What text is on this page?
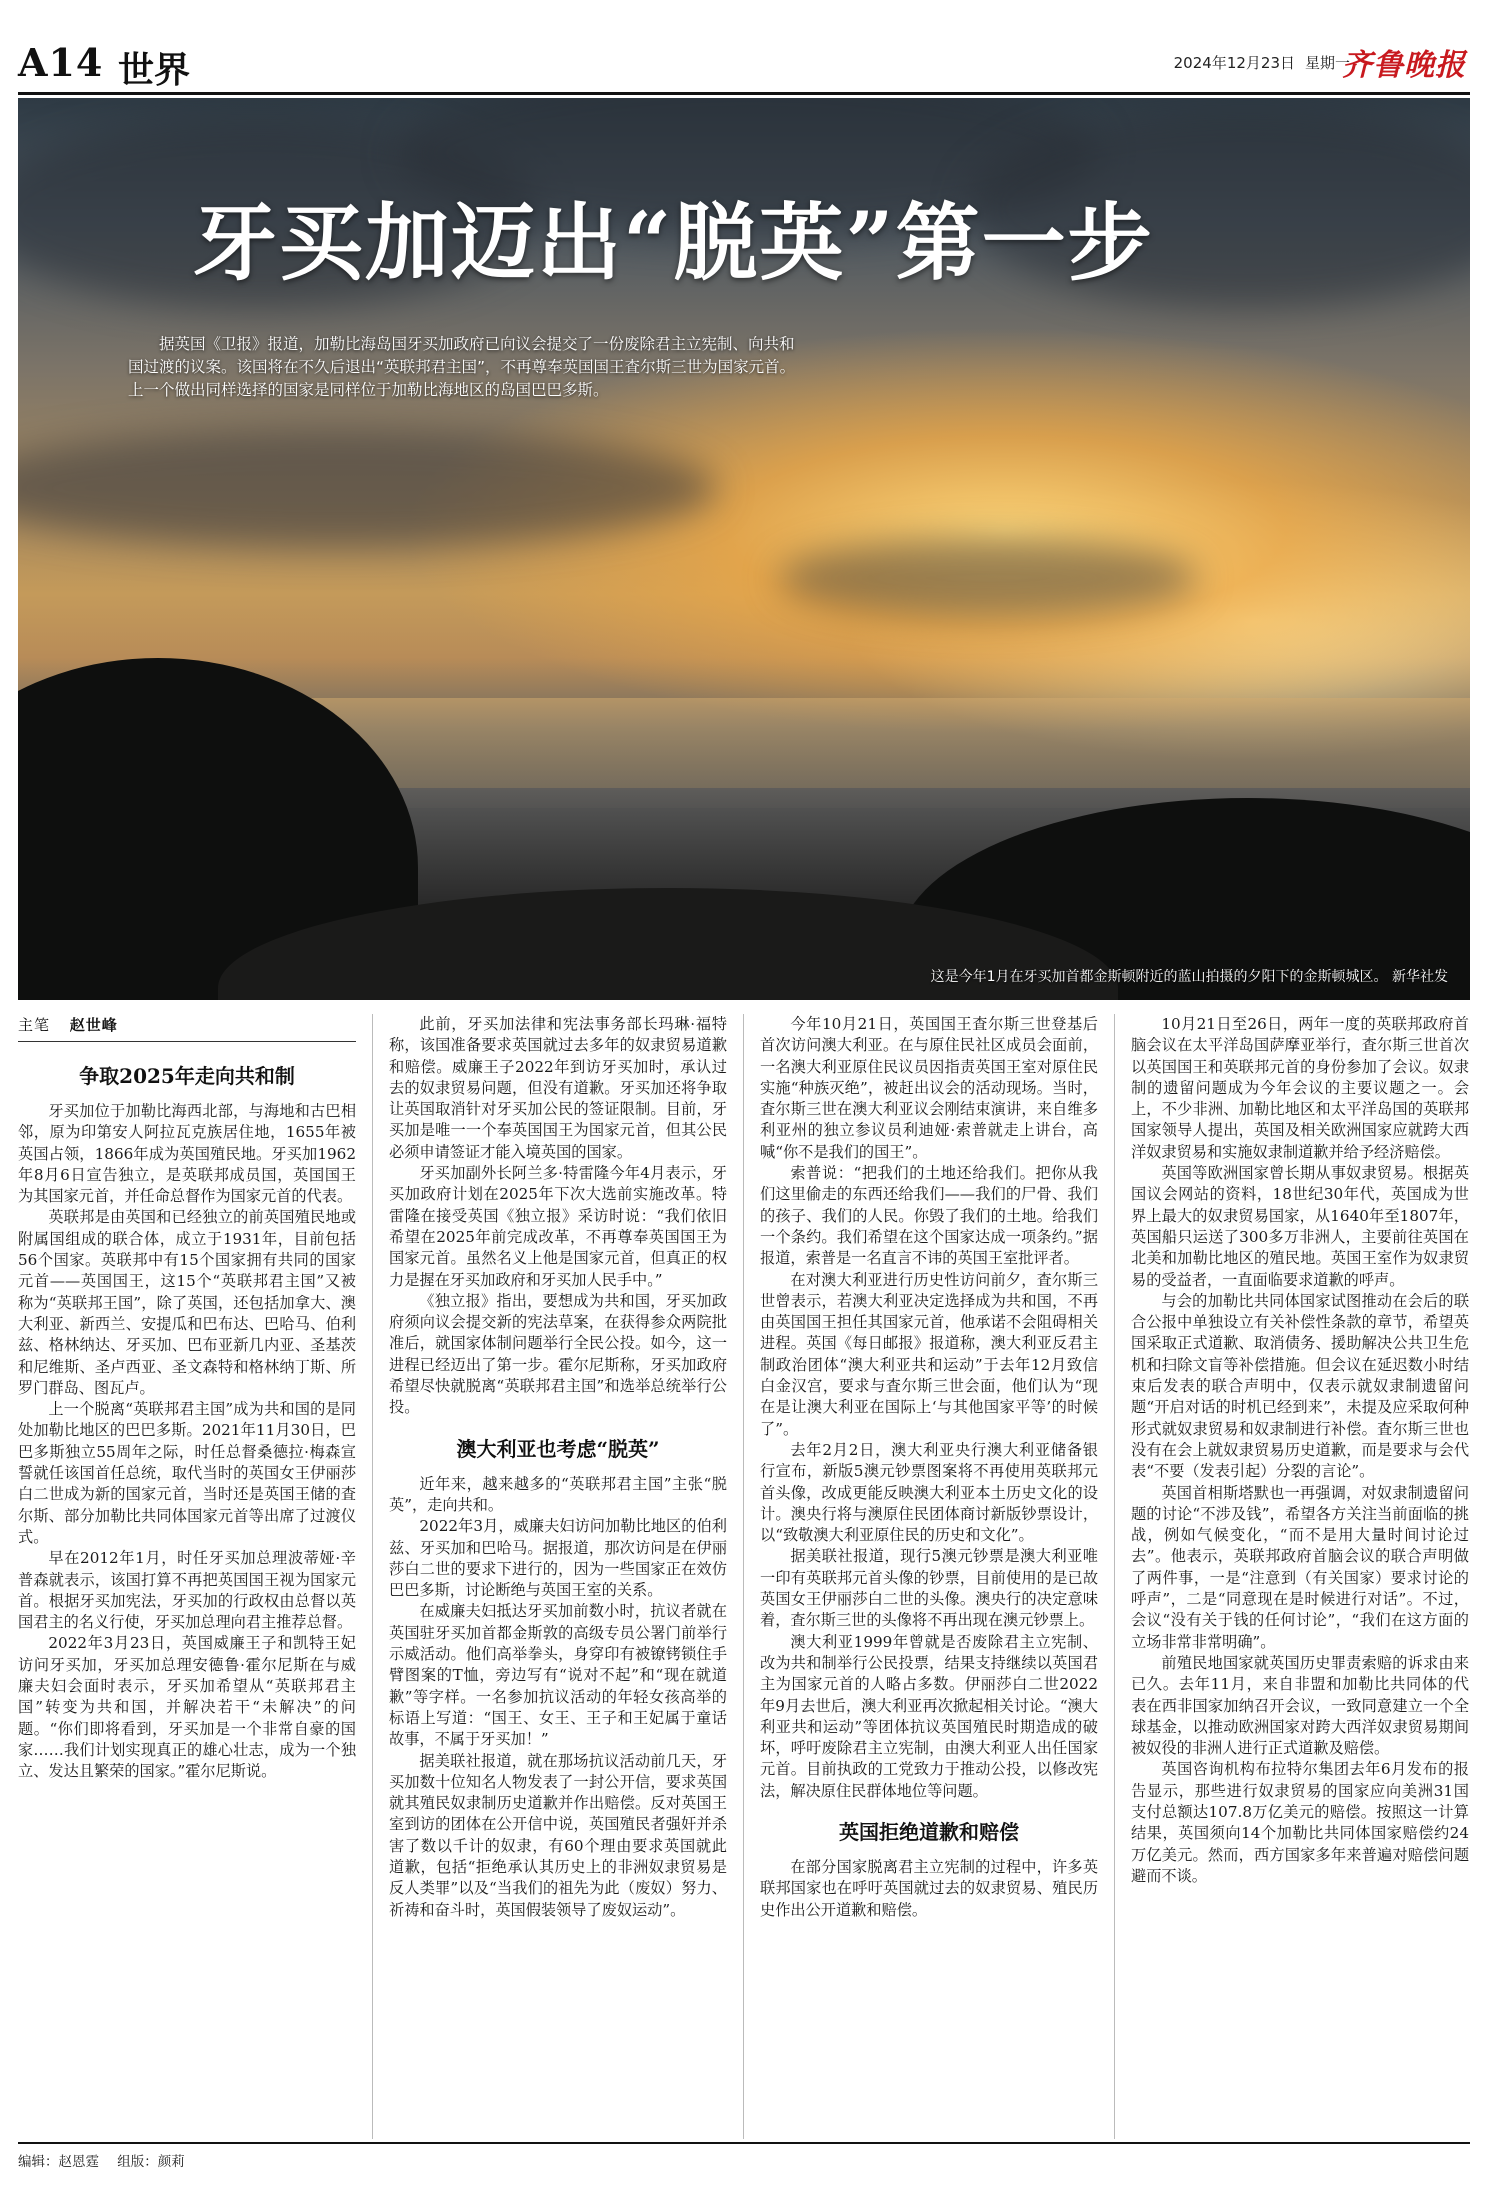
A14 世界	2024年12月23日 星期一
齐鲁晚报
牙买加迈出“脱英”第一步
据英国《卫报》报道，加勒比海岛国牙买加政府已向议会提交了一份废除君主立宪制、向共和国过渡的议案。该国将在不久后退出“英联邦君主国”，不再尊奉英国国王査尔斯三世为国家元首。上一个做出同样选择的国家是同样位于加勒比海地区的岛国巴巴多斯。
这是今年1月在牙买加首都金斯顿附近的蓝山拍摄的夕阳下的金斯顿城区。 新华社发
主笔 赵世峰
争取2025年走向共和制

牙买加位于加勒比海西北部，与海地和古巴相邻，原为印第安人阿拉瓦克族居住地，1655年被英国占领，1866年成为英国殖民地。牙买加1962年8月6日宣告独立，是英联邦成员国，英国国王为其国家元首，并任命总督作为国家元首的代表。

英联邦是由英国和已经独立的前英国殖民地或附属国组成的联合体，成立于1931年，目前包括56个国家。英联邦中有15个国家拥有共同的国家元首——英国国王，这15个“英联邦君主国”又被称为“英联邦王国”，除了英国，还包括加拿大、澳大利亚、新西兰、安提瓜和巴布达、巴哈马、伯利兹、格林纳达、牙买加、巴布亚新几内亚、圣基茨和尼维斯、圣卢西亚、圣文森特和格林纳丁斯、所罗门群岛、图瓦卢。

上一个脱离“英联邦君主国”成为共和国的是同处加勒比地区的巴巴多斯。2021年11月30日，巴巴多斯独立55周年之际，时任总督桑德拉·梅森宣誓就任该国首任总统，取代当时的英国女王伊丽莎白二世成为新的国家元首，当时还是英国王储的査尔斯、部分加勒比共同体国家元首等出席了过渡仪式。

早在2012年1月，时任牙买加总理波蒂娅·辛普森就表示，该国打算不再把英国国王视为国家元首。根据牙买加宪法，牙买加的行政权由总督以英国君主的名义行使，牙买加总理向君主推荐总督。

2022年3月23日，英国威廉王子和凯特王妃访问牙买加，牙买加总理安德鲁·霍尔尼斯在与威廉夫妇会面时表示，牙买加希望从“英联邦君主国”转变为共和国，并解决若干“未解决”的问题。“你们即将看到，牙买加是一个非常自豪的国家……我们计划实现真正的雄心壮志，成为一个独立、发达且繁荣的国家。”霍尔尼斯说。

此前，牙买加法律和宪法事务部长玛琳·福特称，该国准备要求英国就过去多年的奴隶贸易道歉和赔偿。威廉王子2022年到访牙买加时，承认过去的奴隶贸易问题，但没有道歉。牙买加还将争取让英国取消针对牙买加公民的签证限制。目前，牙买加是唯一一个奉英国国王为国家元首，但其公民必须申请签证才能入境英国的国家。

牙买加副外长阿兰多·特雷隆今年4月表示，牙买加政府计划在2025年下次大选前实施改革。特雷隆在接受英国《独立报》采访时说：“我们依旧希望在2025年前完成改革，不再尊奉英国国王为国家元首。虽然名义上他是国家元首，但真正的权力是握在牙买加政府和牙买加人民手中。”

《独立报》指出，要想成为共和国，牙买加政府须向议会提交新的宪法草案，在获得参众两院批准后，就国家体制问题举行全民公投。如今，这一进程已经迈出了第一步。霍尔尼斯称，牙买加政府希望尽快就脱离“英联邦君主国”和选举总统举行公投。

澳大利亚也考虑“脱英”

近年来，越来越多的“英联邦君主国”主张“脱英”，走向共和。

2022年3月，威廉夫妇访问加勒比地区的伯利兹、牙买加和巴哈马。据报道，那次访问是在伊丽莎白二世的要求下进行的，因为一些国家正在效仿巴巴多斯，讨论断绝与英国王室的关系。

在威廉夫妇抵达牙买加前数小时，抗议者就在英国驻牙买加首都金斯敦的高级专员公署门前举行示威活动。他们高举拳头，身穿印有被镣铐锁住手臂图案的T恤，旁边写有“说对不起”和“现在就道歉”等字样。一名参加抗议活动的年轻女孩高举的标语上写道：“国王、女王、王子和王妃属于童话故事，不属于牙买加！”

据美联社报道，就在那场抗议活动前几天，牙买加数十位知名人物发表了一封公开信，要求英国就其殖民奴隶制历史道歉并作出赔偿。反对英国王室到访的团体在公开信中说，英国殖民者强奸并杀害了数以千计的奴隶，有60个理由要求英国就此道歉，包括“拒绝承认其历史上的非洲奴隶贸易是反人类罪”以及“当我们的祖先为此（废奴）努力、祈祷和奋斗时，英国假装领导了废奴运动”。

今年10月21日，英国国王査尔斯三世登基后首次访问澳大利亚。在与原住民社区成员会面前，一名澳大利亚原住民议员因指责英国王室对原住民实施“种族灭绝”，被赶出议会的活动现场。当时，査尔斯三世在澳大利亚议会刚结束演讲，来自维多利亚州的独立参议员利迪娅·索普就走上讲台，高喊“你不是我们的国王”。

索普说：“把我们的土地还给我们。把你从我们这里偷走的东西还给我们——我们的尸骨、我们的孩子、我们的人民。你毁了我们的土地。给我们一个条约。我们希望在这个国家达成一项条约。”据报道，索普是一名直言不讳的英国王室批评者。

在对澳大利亚进行历史性访问前夕，査尔斯三世曾表示，若澳大利亚决定选择成为共和国，不再由英国国王担任其国家元首，他承诺不会阻碍相关进程。英国《每日邮报》报道称，澳大利亚反君主制政治团体“澳大利亚共和运动”于去年12月致信白金汉宫，要求与査尔斯三世会面，他们认为“现在是让澳大利亚在国际上‘与其他国家平等’的时候了”。

去年2月2日，澳大利亚央行澳大利亚储备银行宣布，新版5澳元钞票图案将不再使用英联邦元首头像，改成更能反映澳大利亚本土历史文化的设计。澳央行将与澳原住民团体商讨新版钞票设计，以“致敬澳大利亚原住民的历史和文化”。

据美联社报道，现行5澳元钞票是澳大利亚唯一印有英联邦元首头像的钞票，目前使用的是已故英国女王伊丽莎白二世的头像。澳央行的决定意味着，査尔斯三世的头像将不再出现在澳元钞票上。

澳大利亚1999年曾就是否废除君主立宪制、改为共和制举行公民投票，结果支持继续以英国君主为国家元首的人略占多数。伊丽莎白二世2022年9月去世后，澳大利亚再次掀起相关讨论。“澳大利亚共和运动”等团体抗议英国殖民时期造成的破坏，呼吁废除君主立宪制，由澳大利亚人出任国家元首。目前执政的工党致力于推动公投，以修改宪法，解决原住民群体地位等问题。

英国拒绝道歉和赔偿

在部分国家脱离君主立宪制的过程中，许多英联邦国家也在呼吁英国就过去的奴隶贸易、殖民历史作出公开道歉和赔偿。

10月21日至26日，两年一度的英联邦政府首脑会议在太平洋岛国萨摩亚举行，査尔斯三世首次以英国国王和英联邦元首的身份参加了会议。奴隶制的遗留问题成为今年会议的主要议题之一。会上，不少非洲、加勒比地区和太平洋岛国的英联邦国家领导人提出，英国及相关欧洲国家应就跨大西洋奴隶贸易和实施奴隶制道歉并给予经济赔偿。

英国等欧洲国家曾长期从事奴隶贸易。根据英国议会网站的资料，18世纪30年代，英国成为世界上最大的奴隶贸易国家，从1640年至1807年，英国船只运送了300多万非洲人，主要前往英国在北美和加勒比地区的殖民地。英国王室作为奴隶贸易的受益者，一直面临要求道歉的呼声。

与会的加勒比共同体国家试图推动在会后的联合公报中单独设立有关补偿性条款的章节，希望英国采取正式道歉、取消债务、援助解决公共卫生危机和扫除文盲等补偿措施。但会议在延迟数小时结束后发表的联合声明中，仅表示就奴隶制遗留问题“开启对话的时机已经到来”，未提及应采取何种形式就奴隶贸易和奴隶制进行补偿。査尔斯三世也没有在会上就奴隶贸易历史道歉，而是要求与会代表“不要（发表引起）分裂的言论”。

英国首相斯塔默也一再强调，对奴隶制遗留问题的讨论“不涉及钱”，希望各方关注当前面临的挑战，例如气候变化，“而不是用大量时间讨论过去”。他表示，英联邦政府首脑会议的联合声明做了两件事，一是“注意到（有关国家）要求讨论的呼声”，二是“同意现在是时候进行对话”。不过，会议“没有关于钱的任何讨论”，“我们在这方面的立场非常非常明确”。

前殖民地国家就英国历史罪责索赔的诉求由来已久。去年11月，来自非盟和加勒比共同体的代表在西非国家加纳召开会议，一致同意建立一个全球基金，以推动欧洲国家对跨大西洋奴隶贸易期间被奴役的非洲人进行正式道歉及赔偿。

英国咨询机构布拉特尔集团去年6月发布的报告显示，那些进行奴隶贸易的国家应向美洲31国支付总额达107.8万亿美元的赔偿。按照这一计算结果，英国须向14个加勒比共同体国家赔偿约24万亿美元。然而，西方国家多年来普遍对赔偿问题避而不谈。

编辑：赵恩霆 组版：颜莉
